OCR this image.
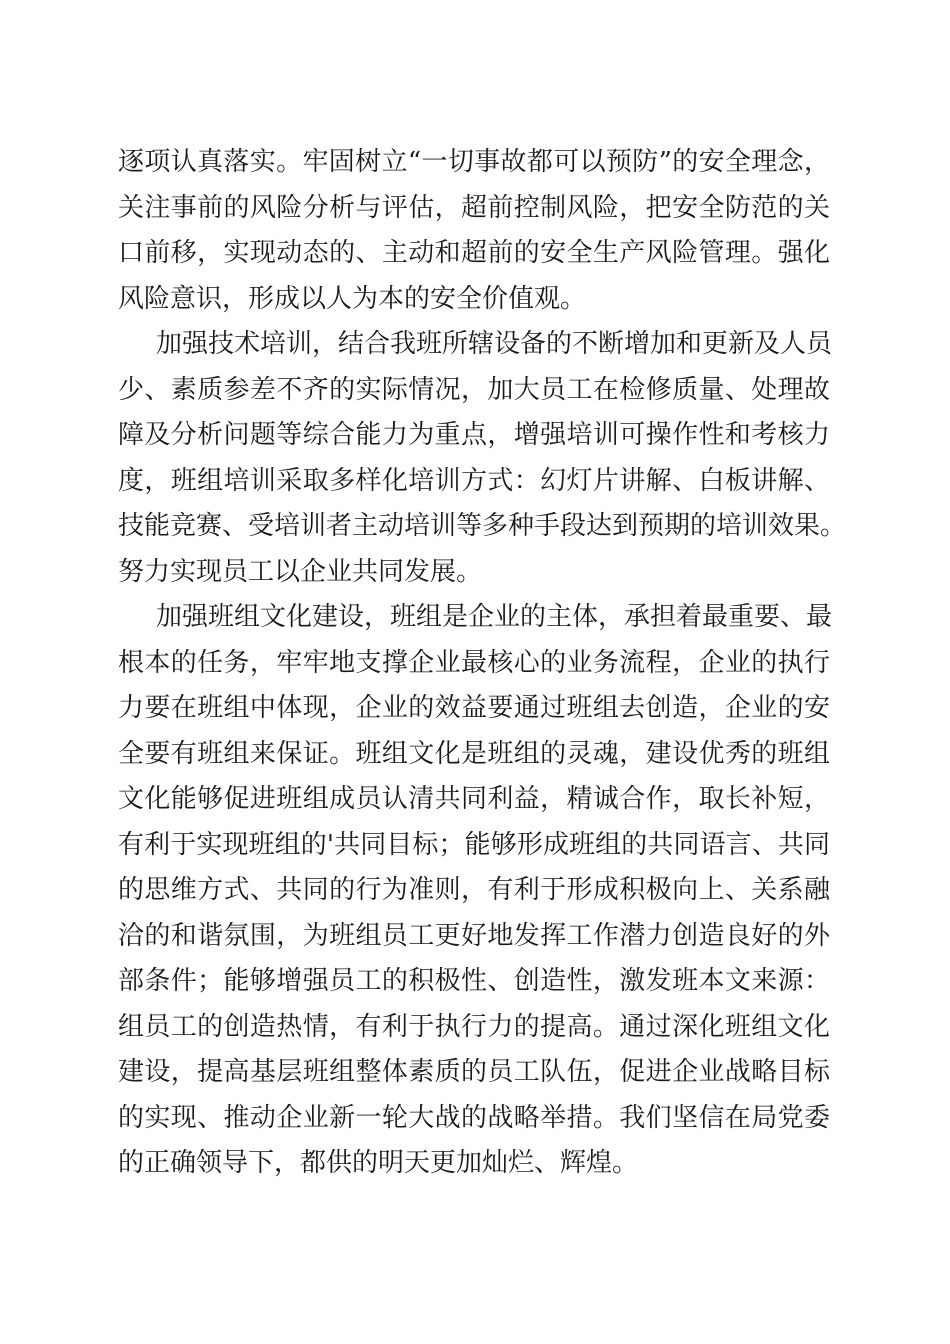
逐项认真落实。牢固树立“一切事故都可以预防”的安全理念，
关注事前的风险分析与评估，超前控制风险，把安全防范的关
口前移，实现动态的、主动和超前的安全生产风险管理。强化
风险意识，形成以人为本的安全价值观。
加强技术培训，结合我班所辖设备的不断增加和更新及人员
少、素质参差不齐的实际情况，加大员工在检修质量、处理故
障及分析问题等综合能力为重点，增强培训可操作性和考核力
度，班组培训采取多样化培训方式：幻灯片讲解、白板讲解、
技能竞赛、受培训者主动培训等多种手段达到预期的培训效果。
努力实现员工以企业共同发展。
加强班组文化建设，班组是企业的主体，承担着最重要、最
根本的任务，牢牢地支撑企业最核心的业务流程，企业的执行
力要在班组中体现，企业的效益要通过班组去创造，企业的安
全要有班组来保证。班组文化是班组的灵魂，建设优秀的班组
文化能够促进班组成员认清共同利益，精诚合作，取长补短，
有利于实现班组的'共同目标；能够形成班组的共同语言、共同
的思维方式、共同的行为准则，有利于形成积极向上、关系融
洽的和谐氛围，为班组员工更好地发挥工作潜力创造良好的外
部条件；能够增强员工的积极性、创造性，激发班本文来源：
组员工的创造热情，有利于执行力的提高。通过深化班组文化
建设，提高基层班组整体素质的员工队伍，促进企业战略目标
的实现、推动企业新一轮大战的战略举措。我们坚信在局党委
的正确领导下，都供的明天更加灿烂、辉煌。
